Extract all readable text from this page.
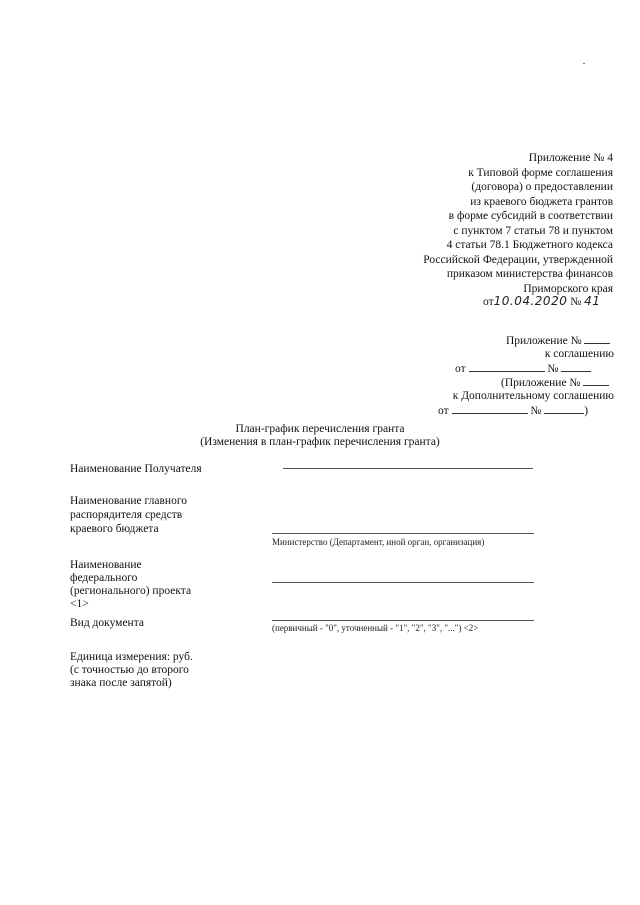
Приложение № 4
к Типовой форме соглашения
(договора) о предоставлении
из краевого бюджета грантов
в форме субсидий в соответствии
с пунктом 7 статьи 78 и пунктом
4 статьи 78.1 Бюджетного кодекса
Российской Федерации, утвержденной
приказом министерства финансов
Приморского края
от10.04.2020 № 41
Приложение №
к соглашению
от	№
(Приложение №
к Дополнительному соглашению
от	№	)
План-график перечисления гранта
(Изменения в план-график перечисления гранта)
Наименование Получателя
Наименование главного
распорядителя средств
краевого бюджета
Министерство (Департамент, иной орган, организация)
Наименование
федерального
(регионального) проекта
<1>
Вид документа	(первичный - "0", уточненный - "1", "2", "3", "...") <2>
Единица измерения: руб.
(с точностью до второго
знака после запятой)
